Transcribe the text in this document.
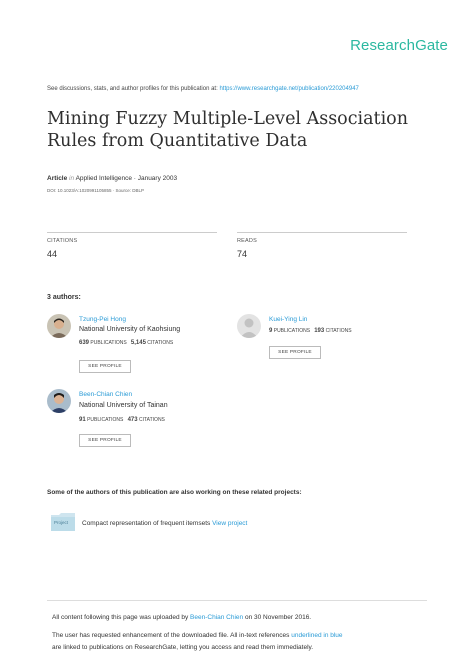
ResearchGate
See discussions, stats, and author profiles for this publication at: https://www.researchgate.net/publication/220204947
Mining Fuzzy Multiple-Level Association Rules from Quantitative Data
Article in Applied Intelligence · January 2003
DOI: 10.1023/A:1020991105855 · Source: DBLP
CITATIONS
44
READS
74
3 authors:
Tzung-Pei Hong
National University of Kaohsiung
639 PUBLICATIONS 5,145 CITATIONS
SEE PROFILE
Kuei-Ying Lin
9 PUBLICATIONS 193 CITATIONS
SEE PROFILE
Been-Chian Chien
National University of Tainan
91 PUBLICATIONS 473 CITATIONS
SEE PROFILE
Some of the authors of this publication are also working on these related projects:
Project Compact representation of frequent itemsets View project
All content following this page was uploaded by Been-Chian Chien on 30 November 2016.
The user has requested enhancement of the downloaded file. All in-text references underlined in blue
are linked to publications on ResearchGate, letting you access and read them immediately.
